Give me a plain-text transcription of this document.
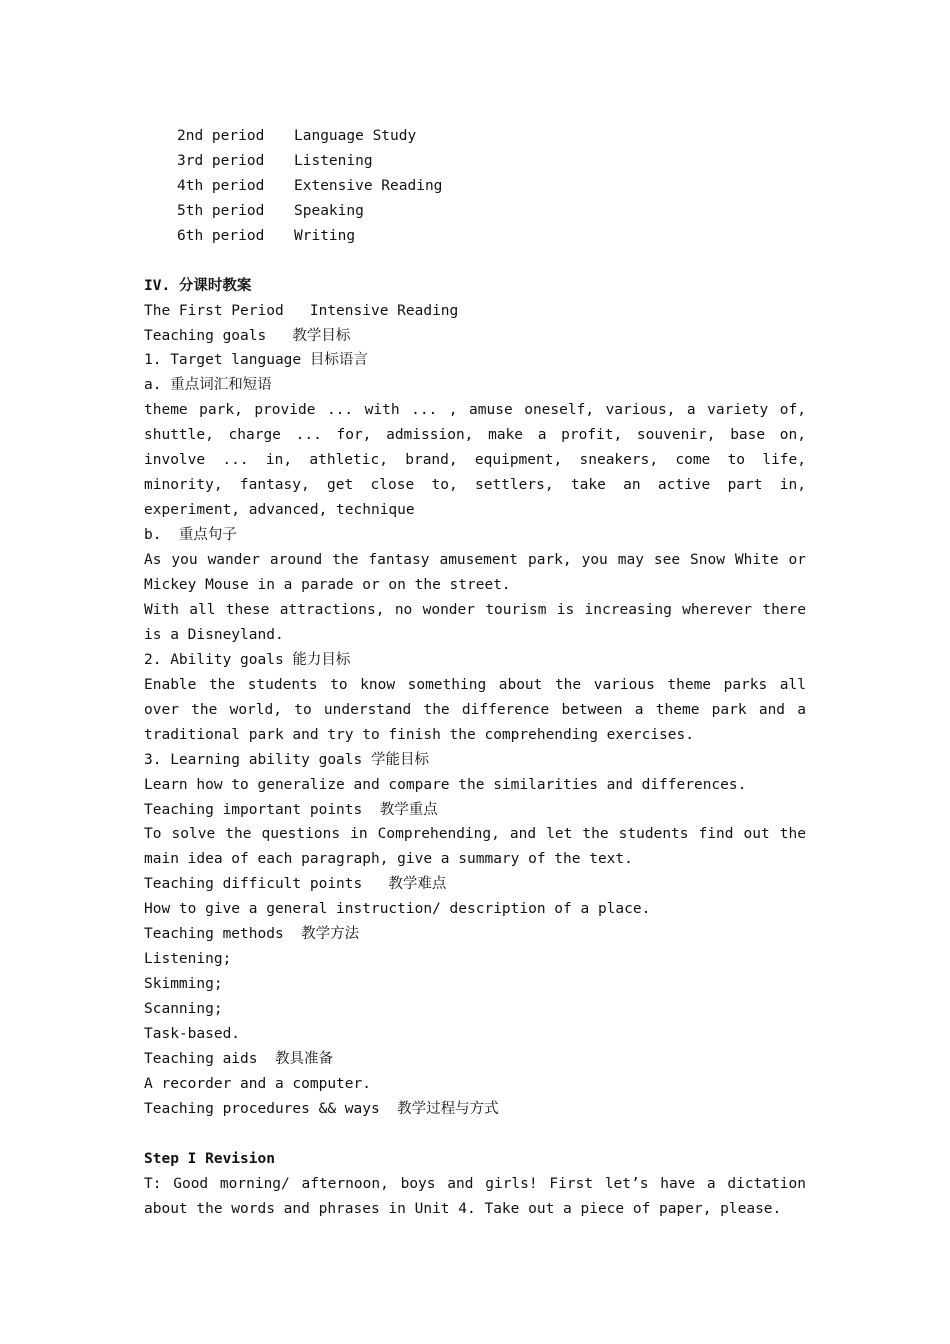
2nd period Language Study
3rd period Listening
4th period Extensive Reading
5th period Speaking
6th period Writing
IV. 分课时教案
The First Period   Intensive Reading
Teaching goals   教学目标
1. Target language 目标语言
a. 重点词汇和短语
theme park, provide ... with ... , amuse oneself, various, a variety of, shuttle, charge ... for, admission, make a profit, souvenir, base on, involve ... in, athletic, brand, equipment, sneakers, come to life, minority, fantasy, get close to, settlers, take an active part in, experiment, advanced, technique
b.  重点句子
As you wander around the fantasy amusement park, you may see Snow White or Mickey Mouse in a parade or on the street.
With all these attractions, no wonder tourism is increasing wherever there is a Disneyland.
2. Ability goals 能力目标
Enable the students to know something about the various theme parks all over the world, to understand the difference between a theme park and a traditional park and try to finish the comprehending exercises.
3. Learning ability goals 学能目标
Learn how to generalize and compare the similarities and differences.
Teaching important points  教学重点
To solve the questions in Comprehending, and let the students find out the main idea of each paragraph, give a summary of the text.
Teaching difficult points   教学难点
How to give a general instruction/ description of a place.
Teaching methods  教学方法
Listening;
Skimming;
Scanning;
Task-based.
Teaching aids  教具准备
A recorder and a computer.
Teaching procedures && ways  教学过程与方式
Step I Revision
T: Good morning/ afternoon, boys and girls! First let’s have a dictation about the words and phrases in Unit 4. Take out a piece of paper, please.
